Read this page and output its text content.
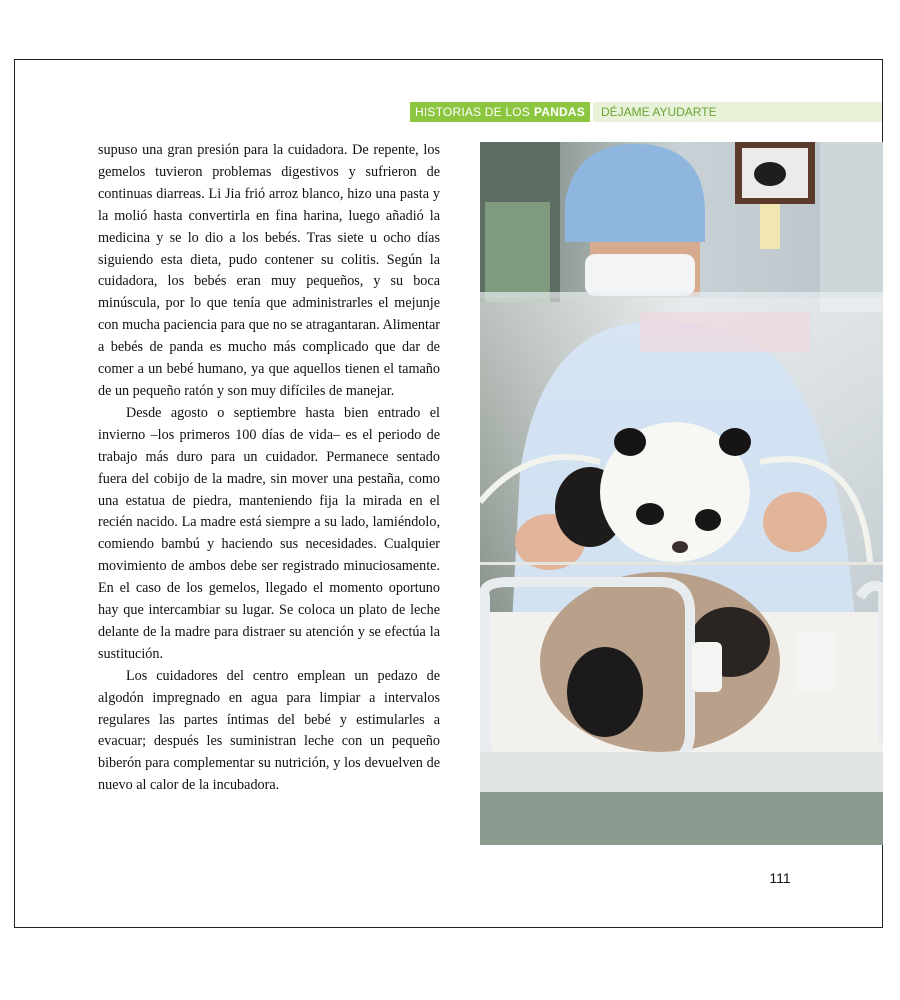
HISTORIAS DE LOS PANDAS	DÉJAME AYUDARTE

supuso una gran presión para la cuidadora. De repente, los gemelos tuvieron problemas digestivos y sufrieron de continuas diarreas. Li Jia frió arroz blanco, hizo una pasta y la molió hasta convertirla en fina harina, luego añadió la medicina y se lo dio a los bebés. Tras siete u ocho días siguiendo esta dieta, pudo contener su colitis. Según la cuidadora, los bebés eran muy pequeños, y su boca minúscula, por lo que tenía que administrarles el mejunje con mucha paciencia para que no se atragantaran. Alimentar a bebés de panda es mucho más complicado que dar de comer a un bebé humano, ya que aquellos tienen el tamaño de un pequeño ratón y son muy difíciles de manejar.

Desde agosto o septiembre hasta bien entrado el invierno –los primeros 100 días de vida– es el periodo de trabajo más duro para un cuidador. Permanece sentado fuera del cobijo de la madre, sin mover una pestaña, como una estatua de piedra, manteniendo fija la mirada en el recién nacido. La madre está siempre a su lado, lamiéndolo, comiendo bambú y haciendo sus necesidades. Cualquier movimiento de ambos debe ser registrado minuciosamente. En el caso de los gemelos, llegado el momento oportuno hay que intercambiar su lugar. Se coloca un plato de leche delante de la madre para distraer su atención y se efectúa la sustitución.

Los cuidadores del centro emplean un pedazo de algodón impregnado en agua para limpiar a intervalos regulares las partes íntimas del bebé y estimularles a evacuar; después les suministran leche con un pequeño biberón para complementar su nutrición, y los devuelven de nuevo al calor de la incubadora.

111
